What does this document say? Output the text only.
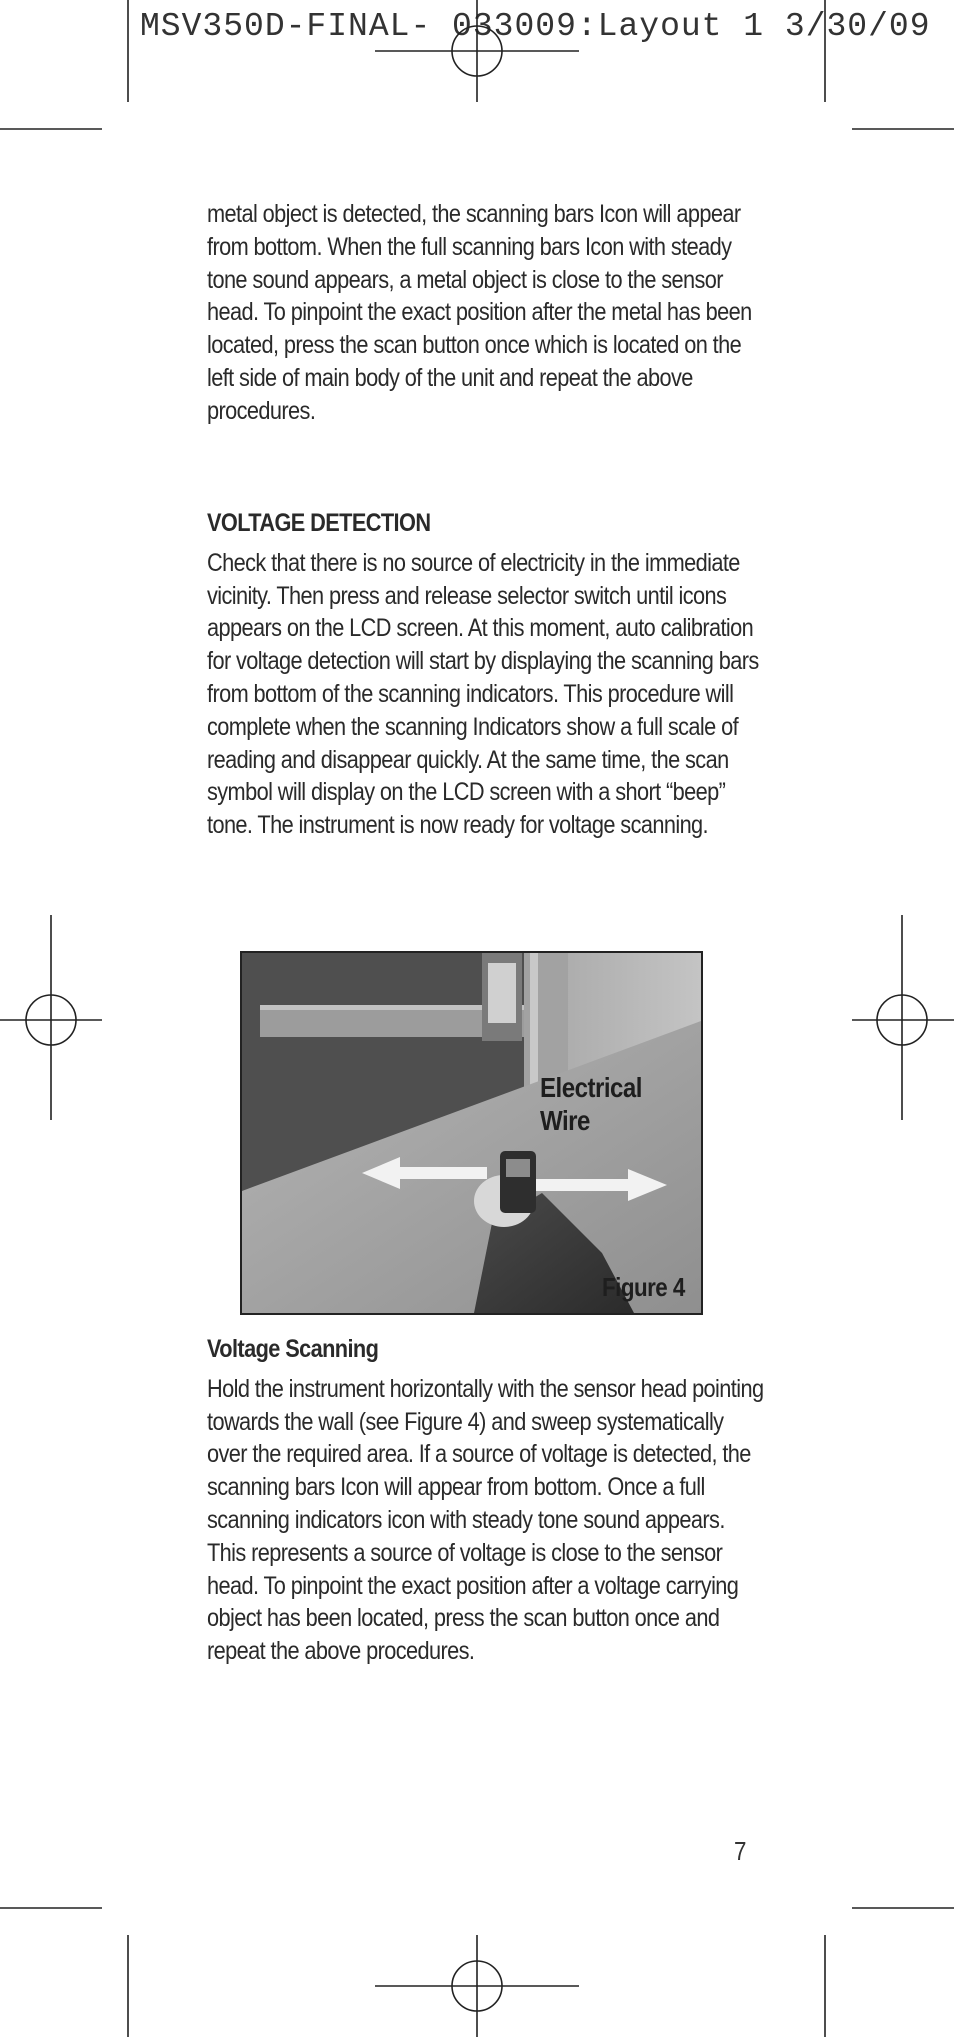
MSV350D-FINAL- 033009:Layout 1 3/30/09

metal object is detected, the scanning bars Icon will appear from bottom. When the full scanning bars Icon with steady tone sound appears, a metal object is close to the sensor head. To pinpoint the exact position after the metal has been located, press the scan button once which is located on the left side of main body of the unit and repeat the above procedures.

VOLTAGE DETECTION

Check that there is no source of electricity in the immediate vicinity. Then press and release selector switch until icons appears on the LCD screen. At this moment, auto calibration for voltage detection will start by displaying the scanning bars from bottom of the scanning indicators. This procedure will complete when the scanning Indicators show a full scale of reading and disappear quickly. At the same time, the scan symbol will display on the LCD screen with a short “beep” tone. The instrument is now ready for voltage scanning.

Electrical
Wire
Figure 4

Voltage Scanning

Hold the instrument horizontally with the sensor head pointing towards the wall (see Figure 4) and sweep systematically over the required area. If a source of voltage is detected, the scanning bars Icon will appear from bottom. Once a full scanning indicators icon with steady tone sound appears. This represents a source of voltage is close to the sensor head. To pinpoint the exact position after a voltage carrying object has been located, press the scan button once and repeat the above procedures.

7
